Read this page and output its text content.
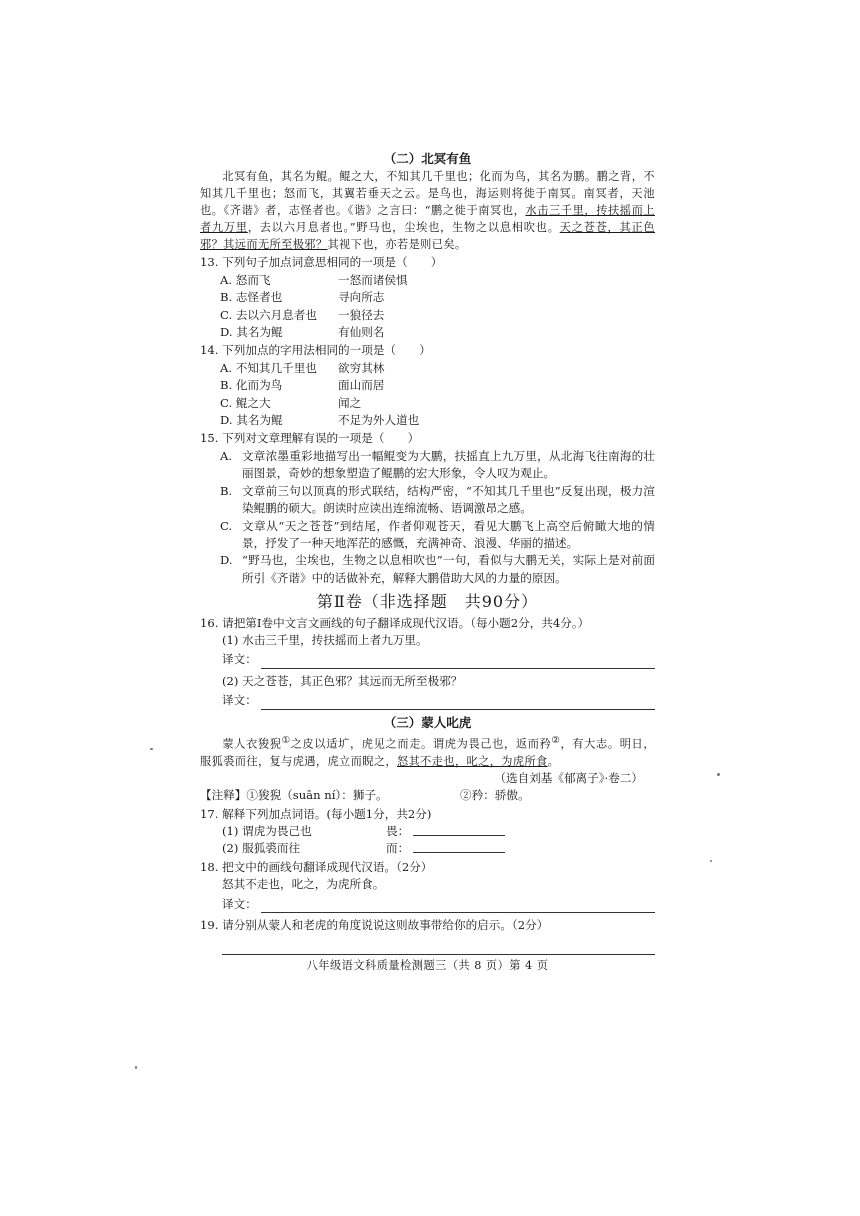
（二）北冥有鱼
北冥有鱼，其名为鲲。鲲之大，不知其几千里也；化而为鸟，其名为鹏。鹏之背，不知其几千里也；怒而飞，其翼若垂天之云。是鸟也，海运则将徙于南冥。南冥者，天池也。《齐谐》者，志怪者也。《谐》之言曰：“鹏之徙于南冥也，水击三千里，抟扶摇而上者九万里，去以六月息者也。”野马也，尘埃也，生物之以息相吹也。天之苍苍，其正色邪？其远而无所至极邪？其视下也，亦若是则已矣。
13. 下列句子加点词意思相同的一项是（　　）
A. 怒而飞	一怒而诸侯惧
B. 志怪者也	寻向所志
C. 去以六月息者也	一狼径去
D. 其名为鲲	有仙则名
14. 下列加点的字用法相同的一项是（　　）
A. 不知其几千里也	欲穷其林
B. 化而为鸟	面山而居
C. 鲲之大	闻之
D. 其名为鲲	不足为外人道也
15. 下列对文章理解有误的一项是（　　）
A. 文章浓墨重彩地描写出一幅鲲变为大鹏，扶摇直上九万里，从北海飞往南海的壮丽图景，奇妙的想象塑造了鲲鹏的宏大形象，令人叹为观止。
B. 文章前三句以顶真的形式联结，结构严密，“不知其几千里也”反复出现，极力渲染鲲鹏的硕大。朗读时应读出连绵流畅、语调激昂之感。
C. 文章从“天之苍苍”到结尾，作者仰观苍天，看见大鹏飞上高空后俯瞰大地的情景，抒发了一种天地浑茫的感慨，充满神奇、浪漫、华丽的描述。
D. “野马也，尘埃也，生物之以息相吹也”一句，看似与大鹏无关，实际上是对前面所引《齐谐》中的话做补充，解释大鹏借助大风的力量的原因。
第Ⅱ卷（非选择题　共90分）
16. 请把第Ⅰ卷中文言文画线的句子翻译成现代汉语。（每小题2分，共4分。）
(1) 水击三千里，抟扶摇而上者九万里。
译文：
(2) 天之苍苍，其正色邪？其远而无所至极邪？
译文：
（三）蒙人叱虎
蒙人衣狻猊①之皮以适圹，虎见之而走。谓虎为畏己也，返而矜②，有大志。明日，服狐裘而往，复与虎遇，虎立而睨之，怒其不走也，叱之，为虎所食。
（选自刘基《郁离子》·卷二）
【注释】①狻猊（suān ní）：狮子。	②矜：骄傲。
17. 解释下列加点词语。(每小题1分，共2分)
(1) 谓虎为畏己也	畏：
(2) 服狐裘而往	而：
18. 把文中的画线句翻译成现代汉语。（2分）
怒其不走也，叱之，为虎所食。
译文：
19. 请分别从蒙人和老虎的角度说说这则故事带给你的启示。（2分）
八年级语文科质量检测题三（共 8 页）第 4 页
